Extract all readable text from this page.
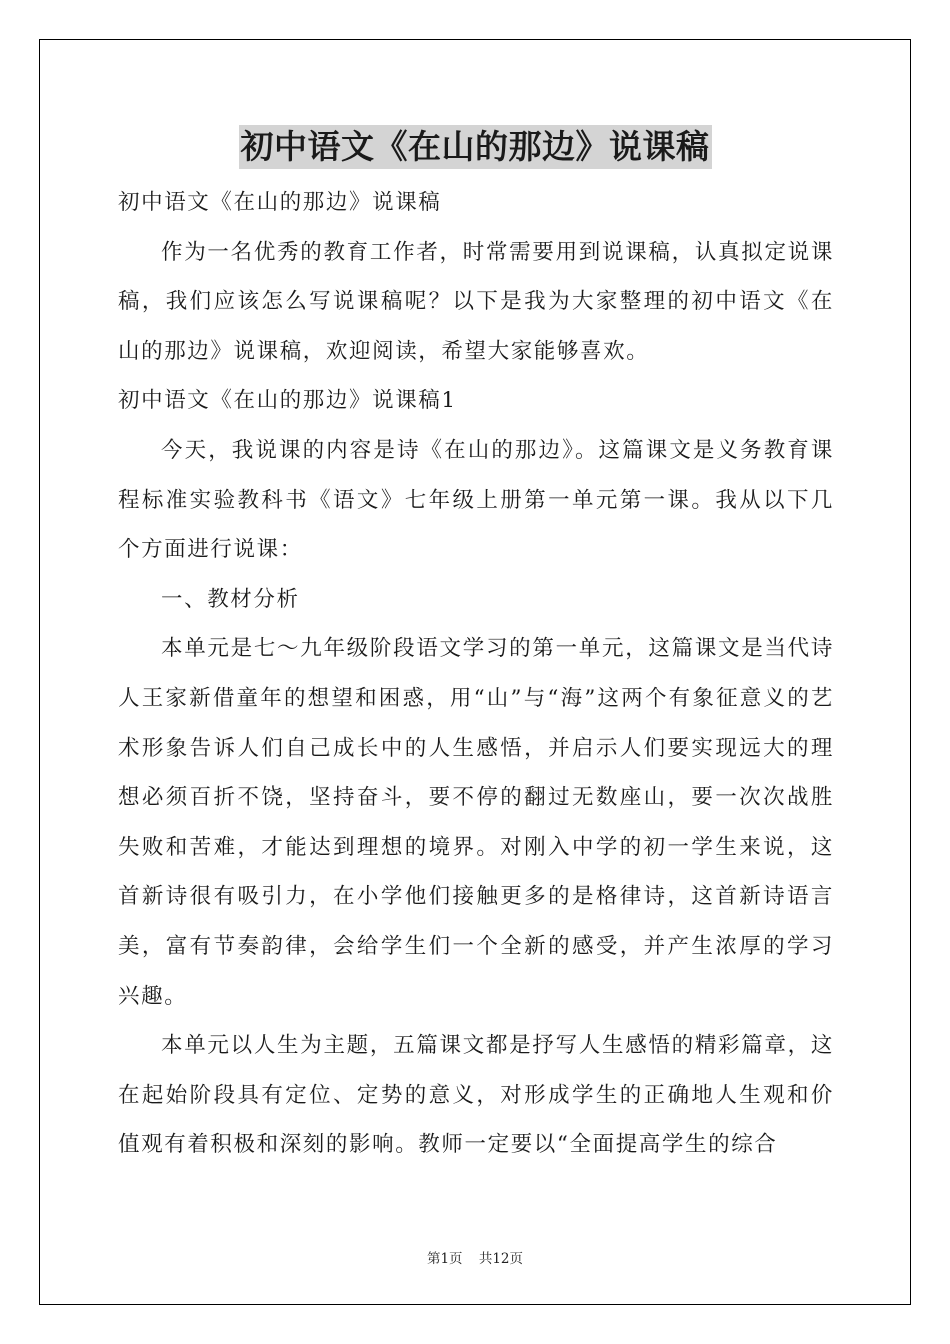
初中语文《在山的那边》说课稿

初中语文《在山的那边》说课稿

作为一名优秀的教育工作者，时常需要用到说课稿，认真拟定说课稿，我们应该怎么写说课稿呢？以下是我为大家整理的初中语文《在山的那边》说课稿，欢迎阅读，希望大家能够喜欢。

初中语文《在山的那边》说课稿1

今天，我说课的内容是诗《在山的那边》。这篇课文是义务教育课程标准实验教科书《语文》七年级上册第一单元第一课。我从以下几个方面进行说课：

一、教材分析

本单元是七～九年级阶段语文学习的第一单元，这篇课文是当代诗人王家新借童年的想望和困惑，用“山”与“海”这两个有象征意义的艺术形象告诉人们自己成长中的人生感悟，并启示人们要实现远大的理想必须百折不饶，坚持奋斗，要不停的翻过无数座山，要一次次战胜失败和苦难，才能达到理想的境界。对刚入中学的初一学生来说，这首新诗很有吸引力，在小学他们接触更多的是格律诗，这首新诗语言美，富有节奏韵律，会给学生们一个全新的感受，并产生浓厚的学习兴趣。

本单元以人生为主题，五篇课文都是抒写人生感悟的精彩篇章，这在起始阶段具有定位、定势的意义，对形成学生的正确地人生观和价值观有着积极和深刻的影响。教师一定要以“全面提高学生的综合

第1页 共12页
